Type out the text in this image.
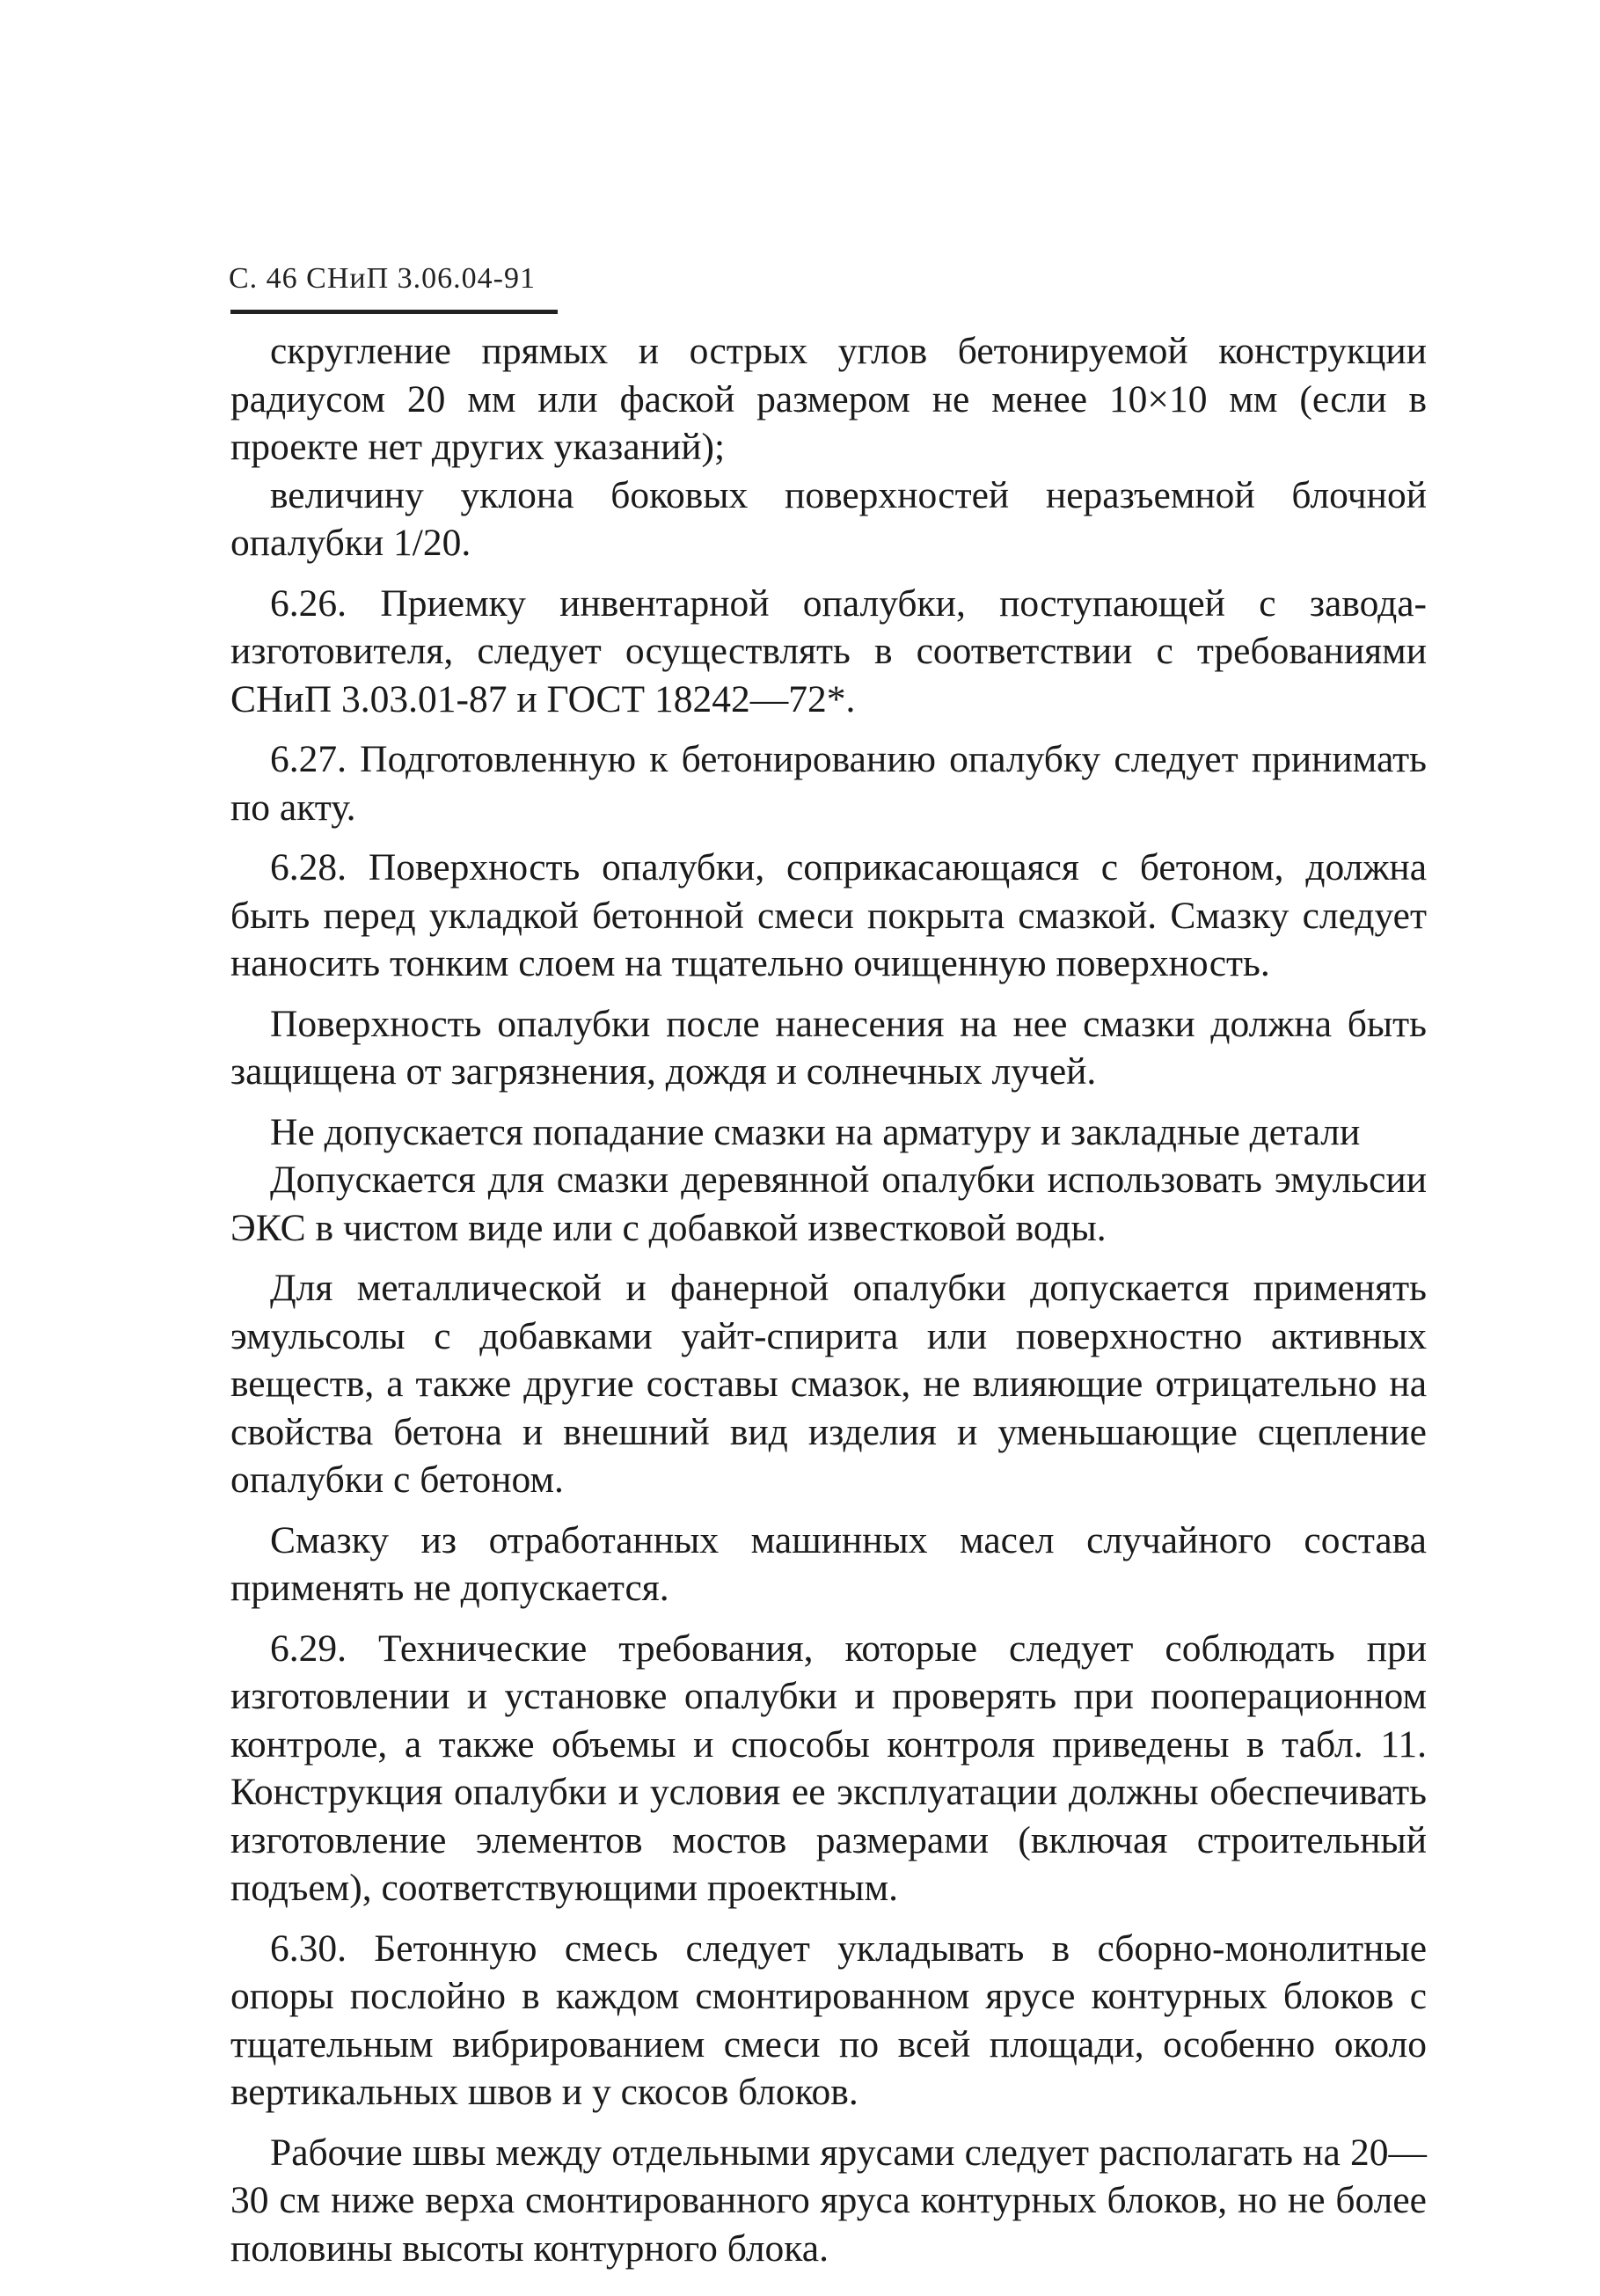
С. 46 СНиП 3.06.04-91

скругление прямых и острых углов бетонируемой конструкции радиусом 20 мм или фаской размером не менее 10×10 мм (если в проекте нет других указаний);

величину уклона боковых поверхностей неразъемной блочной опалубки 1/20.

6.26. Приемку инвентарной опалубки, поступающей с завода-изготовителя, следует осуществлять в соответствии с требованиями СНиП 3.03.01-87 и ГОСТ 18242—72*.

6.27. Подготовленную к бетонированию опалубку следует принимать по акту.

6.28. Поверхность опалубки, соприкасающаяся с бетоном, должна быть перед укладкой бетонной смеси покрыта смазкой. Смазку следует наносить тонким слоем на тщательно очищенную поверхность.

Поверхность опалубки после нанесения на нее смазки должна быть защищена от загрязнения, дождя и солнечных лучей.

Не допускается попадание смазки на арматуру и закладные детали

Допускается для смазки деревянной опалубки использовать эмульсии ЭКС в чистом виде или с добавкой известковой воды.

Для металлической и фанерной опалубки допускается применять эмульсолы с добавками уайт-спирита или поверхностно активных веществ, а также другие составы смазок, не влияющие отрицательно на свойства бетона и внешний вид изделия и уменьшающие сцепление опалубки с бетоном.

Смазку из отработанных машинных масел случайного состава применять не допускается.

6.29. Технические требования, которые следует соблюдать при изготовлении и установке опалубки и проверять при пооперационном контроле, а также объемы и способы контроля приведены в табл. 11. Конструкция опалубки и условия ее эксплуатации должны обеспечивать изготовление элементов мостов размерами (включая строительный подъем), соответствующими проектным.

6.30. Бетонную смесь следует укладывать в сборно-монолитные опоры послойно в каждом смонтированном ярусе контурных блоков с тщательным вибрированием смеси по всей площади, особенно около вертикальных швов и у скосов блоков.

Рабочие швы между отдельными ярусами следует располагать на 20—30 см ниже верха смонтированного яруса контурных блоков, но не более половины высоты контурного блока.
